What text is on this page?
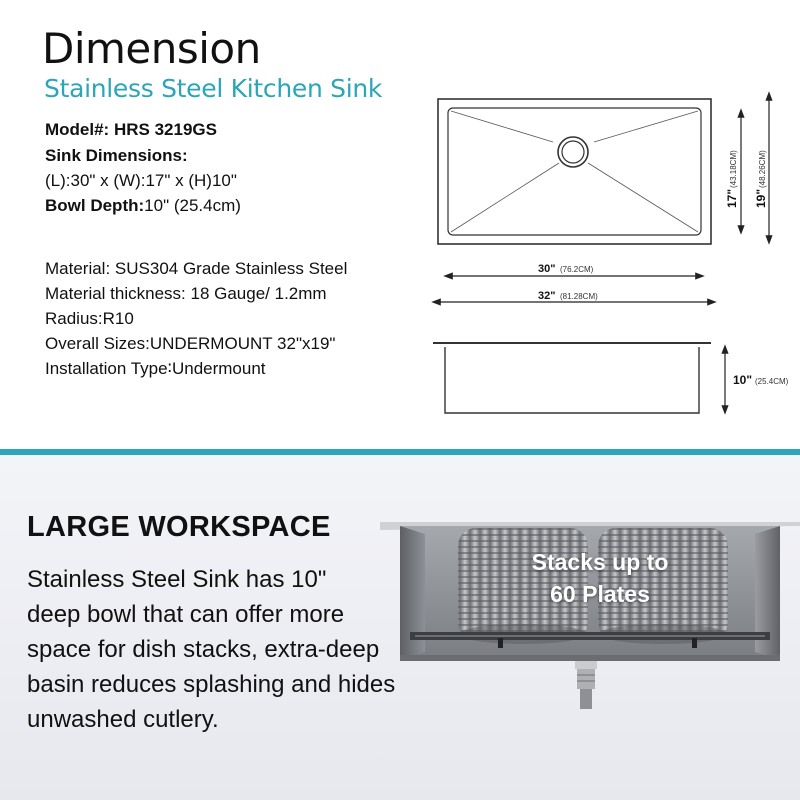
Dimension
Stainless Steel Kitchen Sink
Model#: HRS 3219GS
Sink Dimensions:
(L):30" x (W):17" x (H)10"
Bowl Depth:10" (25.4cm)
Material: SUS304 Grade Stainless Steel
Material thickness: 18 Gauge/ 1.2mm
Radius:R10
Overall Sizes:UNDERMOUNT 32"x19"
Installation Type∶Undermount
17"
(43.18CM)
19"
(48.26CM)
30" (76.2CM)
32" (81.28CM)
10" (25.4CM)
LARGE WORKSPACE
Stainless Steel Sink has 10"
deep bowl that can offer more
space for dish stacks, extra-deep
basin reduces splashing and hides
unwashed cutlery.
Stacks up to
60 Plates
